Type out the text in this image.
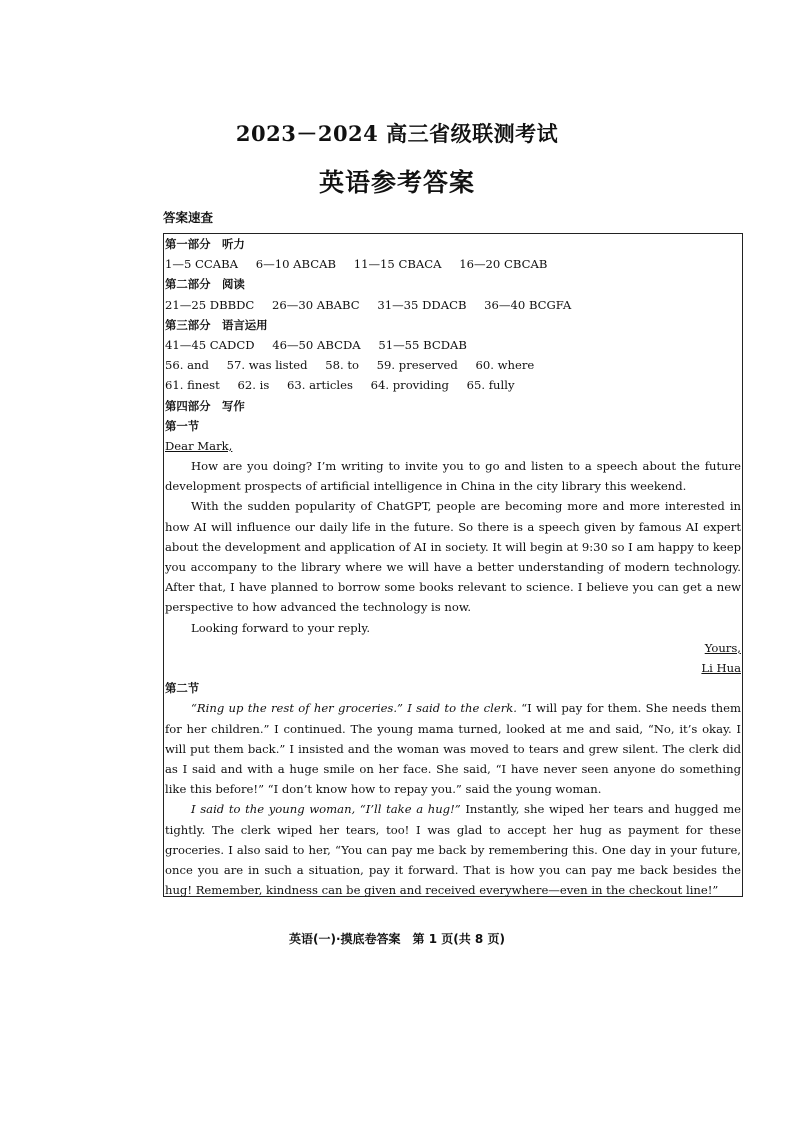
2023－2024 高三省级联测考试
英语参考答案
答案速查
第一部分　听力
1—5 CCABA 6—10 ABCAB 11—15 CBACA 16—20 CBCAB
第二部分　阅读
21—25 DBBDC 26—30 ABABC 31—35 DDACB 36—40 BCGFA
第三部分　语言运用
41—45 CADCD 46—50 ABCDA 51—55 BCDAB
56. and 57. was listed 58. to 59. preserved 60. where
61. finest 62. is 63. articles 64. providing 65. fully
第四部分　写作
第一节
Dear Mark,

How are you doing? I’m writing to invite you to go and listen to a speech about the future development prospects of artificial intelligence in China in the city library this weekend.

With the sudden popularity of ChatGPT, people are becoming more and more interested in how AI will influence our daily life in the future. So there is a speech given by famous AI expert about the development and application of AI in society. It will begin at 9:30 so I am happy to keep you accompany to the library where we will have a better understanding of modern technology. After that, I have planned to borrow some books relevant to science. I believe you can get a new perspective to how advanced the technology is now.

Looking forward to your reply.

Yours,
Li Hua
第二节

“Ring up the rest of her groceries.” I said to the clerk. “I will pay for them. She needs them for her children.” I continued. The young mama turned, looked at me and said, “No, it’s okay. I will put them back.” I insisted and the woman was moved to tears and grew silent. The clerk did as I said and with a huge smile on her face. She said, “I have never seen anyone do something like this before!” “I don’t know how to repay you.” said the young woman.

I said to the young woman, “I’ll take a hug!” Instantly, she wiped her tears and hugged me tightly. The clerk wiped her tears, too! I was glad to accept her hug as payment for these groceries. I also said to her, “You can pay me back by remembering this. One day in your future, once you are in such a situation, pay it forward. That is how you can pay me back besides the hug! Remember, kindness can be given and received everywhere—even in the checkout line!”

英语(一)·摸底卷答案　第 1 页(共 8 页)
